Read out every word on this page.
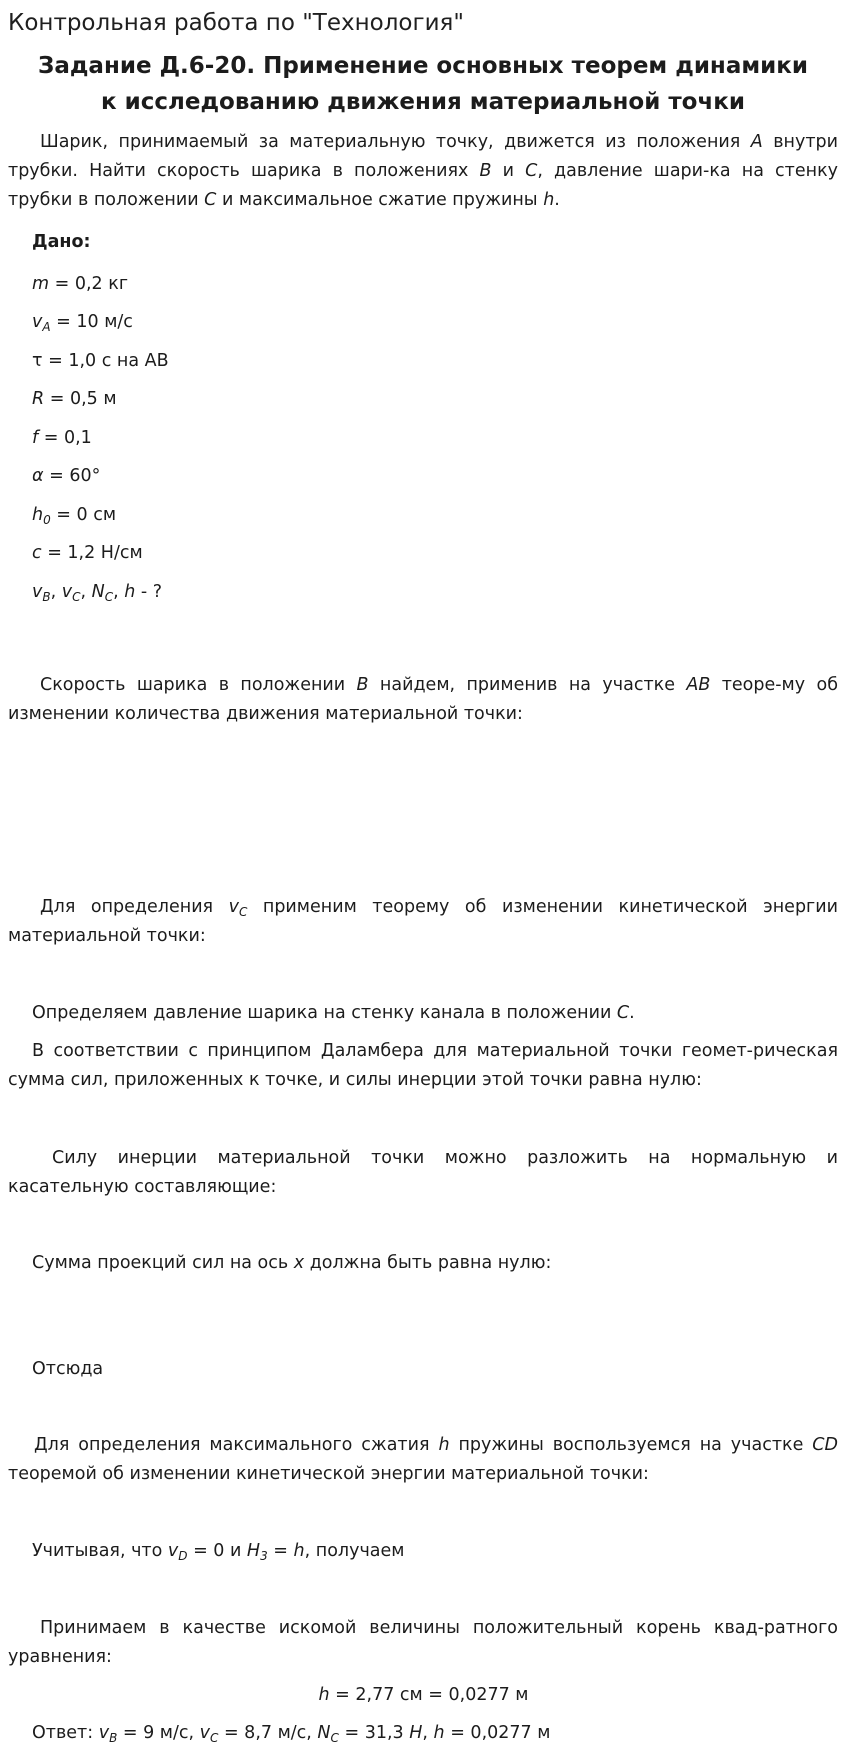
Контрольная работа по "Технология"
Задание Д.6-20. Применение основных теорем динамики
к исследованию движения материальной точки
Шарик, принимаемый за материальную точку, движется из положения A внутри трубки. Найти скорость шарика в положениях B и C, давление шари-ка на стенку трубки в положении C и максимальное сжатие пружины h.
Дано:
m = 0,2 кг
$v_A = 10$ м/с
τ = 1,0 с на AB
R = 0,5 м
f = 0,1
α = 60°
$h_0 = 0$ см
c = 1,2 Н/см
$v_B$, $v_C$, $N_C$, h - ?
Скорость шарика в положении B найдем, применив на участке AB теоре-му об изменении количества движения материальной точки:
Для определения $v_C$ применим теорему об изменении кинетической энергии материальной точки:
Определяем давление шарика на стенку канала в положении C.
В соответствии с принципом Даламбера для материальной точки геомет-рическая сумма сил, приложенных к точке, и силы инерции этой точки равна нулю:
Силу инерции материальной точки можно разложить на нормальную и касательную составляющие:
Сумма проекций сил на ось x должна быть равна нулю:
Отсюда
Для определения максимального сжатия h пружины воспользуемся на участке CD теоремой об изменении кинетической энергии материальной точки:
Учитывая, что $v_D = 0$ и $H_3 = h$, получаем
Принимаем в качестве искомой величины положительный корень квад-ратного уравнения:
h = 2,77 см = 0,0277 м
Ответ: $v_B = 9$ м/с, $v_C = 8,7$ м/с, $N_C = 31,3$ Н, h = 0,0277 м
